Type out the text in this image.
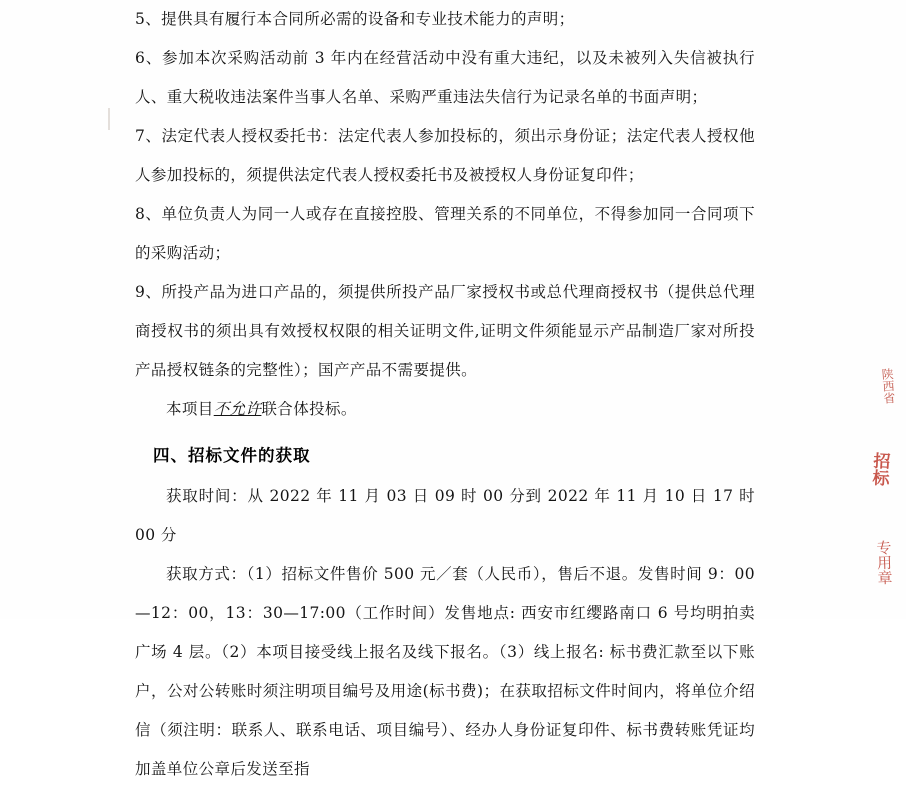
5、提供具有履行本合同所必需的设备和专业技术能力的声明；

6、参加本次采购活动前 3 年内在经营活动中没有重大违纪，以及未被列入失信被执行人、重大税收违法案件当事人名单、采购严重违法失信行为记录名单的书面声明；

7、法定代表人授权委托书：法定代表人参加投标的，须出示身份证；法定代表人授权他人参加投标的，须提供法定代表人授权委托书及被授权人身份证复印件；

8、单位负责人为同一人或存在直接控股、管理关系的不同单位，不得参加同一合同项下的采购活动；

9、所投产品为进口产品的，须提供所投产品厂家授权书或总代理商授权书（提供总代理商授权书的须出具有效授权权限的相关证明文件,证明文件须能显示产品制造厂家对所投产品授权链条的完整性）；国产产品不需要提供。

本项目不允许联合体投标。

四、招标文件的获取

获取时间：从 2022 年 11 月 03 日 09 时 00 分到 2022 年 11 月 10 日 17 时 00 分

获取方式：（1）招标文件售价 500 元／套（人民币），售后不退。发售时间 9：00—12：00，13：30—17:00（工作时间）发售地点: 西安市红缨路南口 6 号均明拍卖广场 4 层。（2）本项目接受线上报名及线下报名。（3）线上报名: 标书费汇款至以下账户，公对公转账时须注明项目编号及用途(标书费)；在获取招标文件时间内，将单位介绍信（须注明：联系人、联系电话、项目编号）、经办人身份证复印件、标书费转账凭证均加盖单位公章后发送至指

陕西省
招标
专用章
